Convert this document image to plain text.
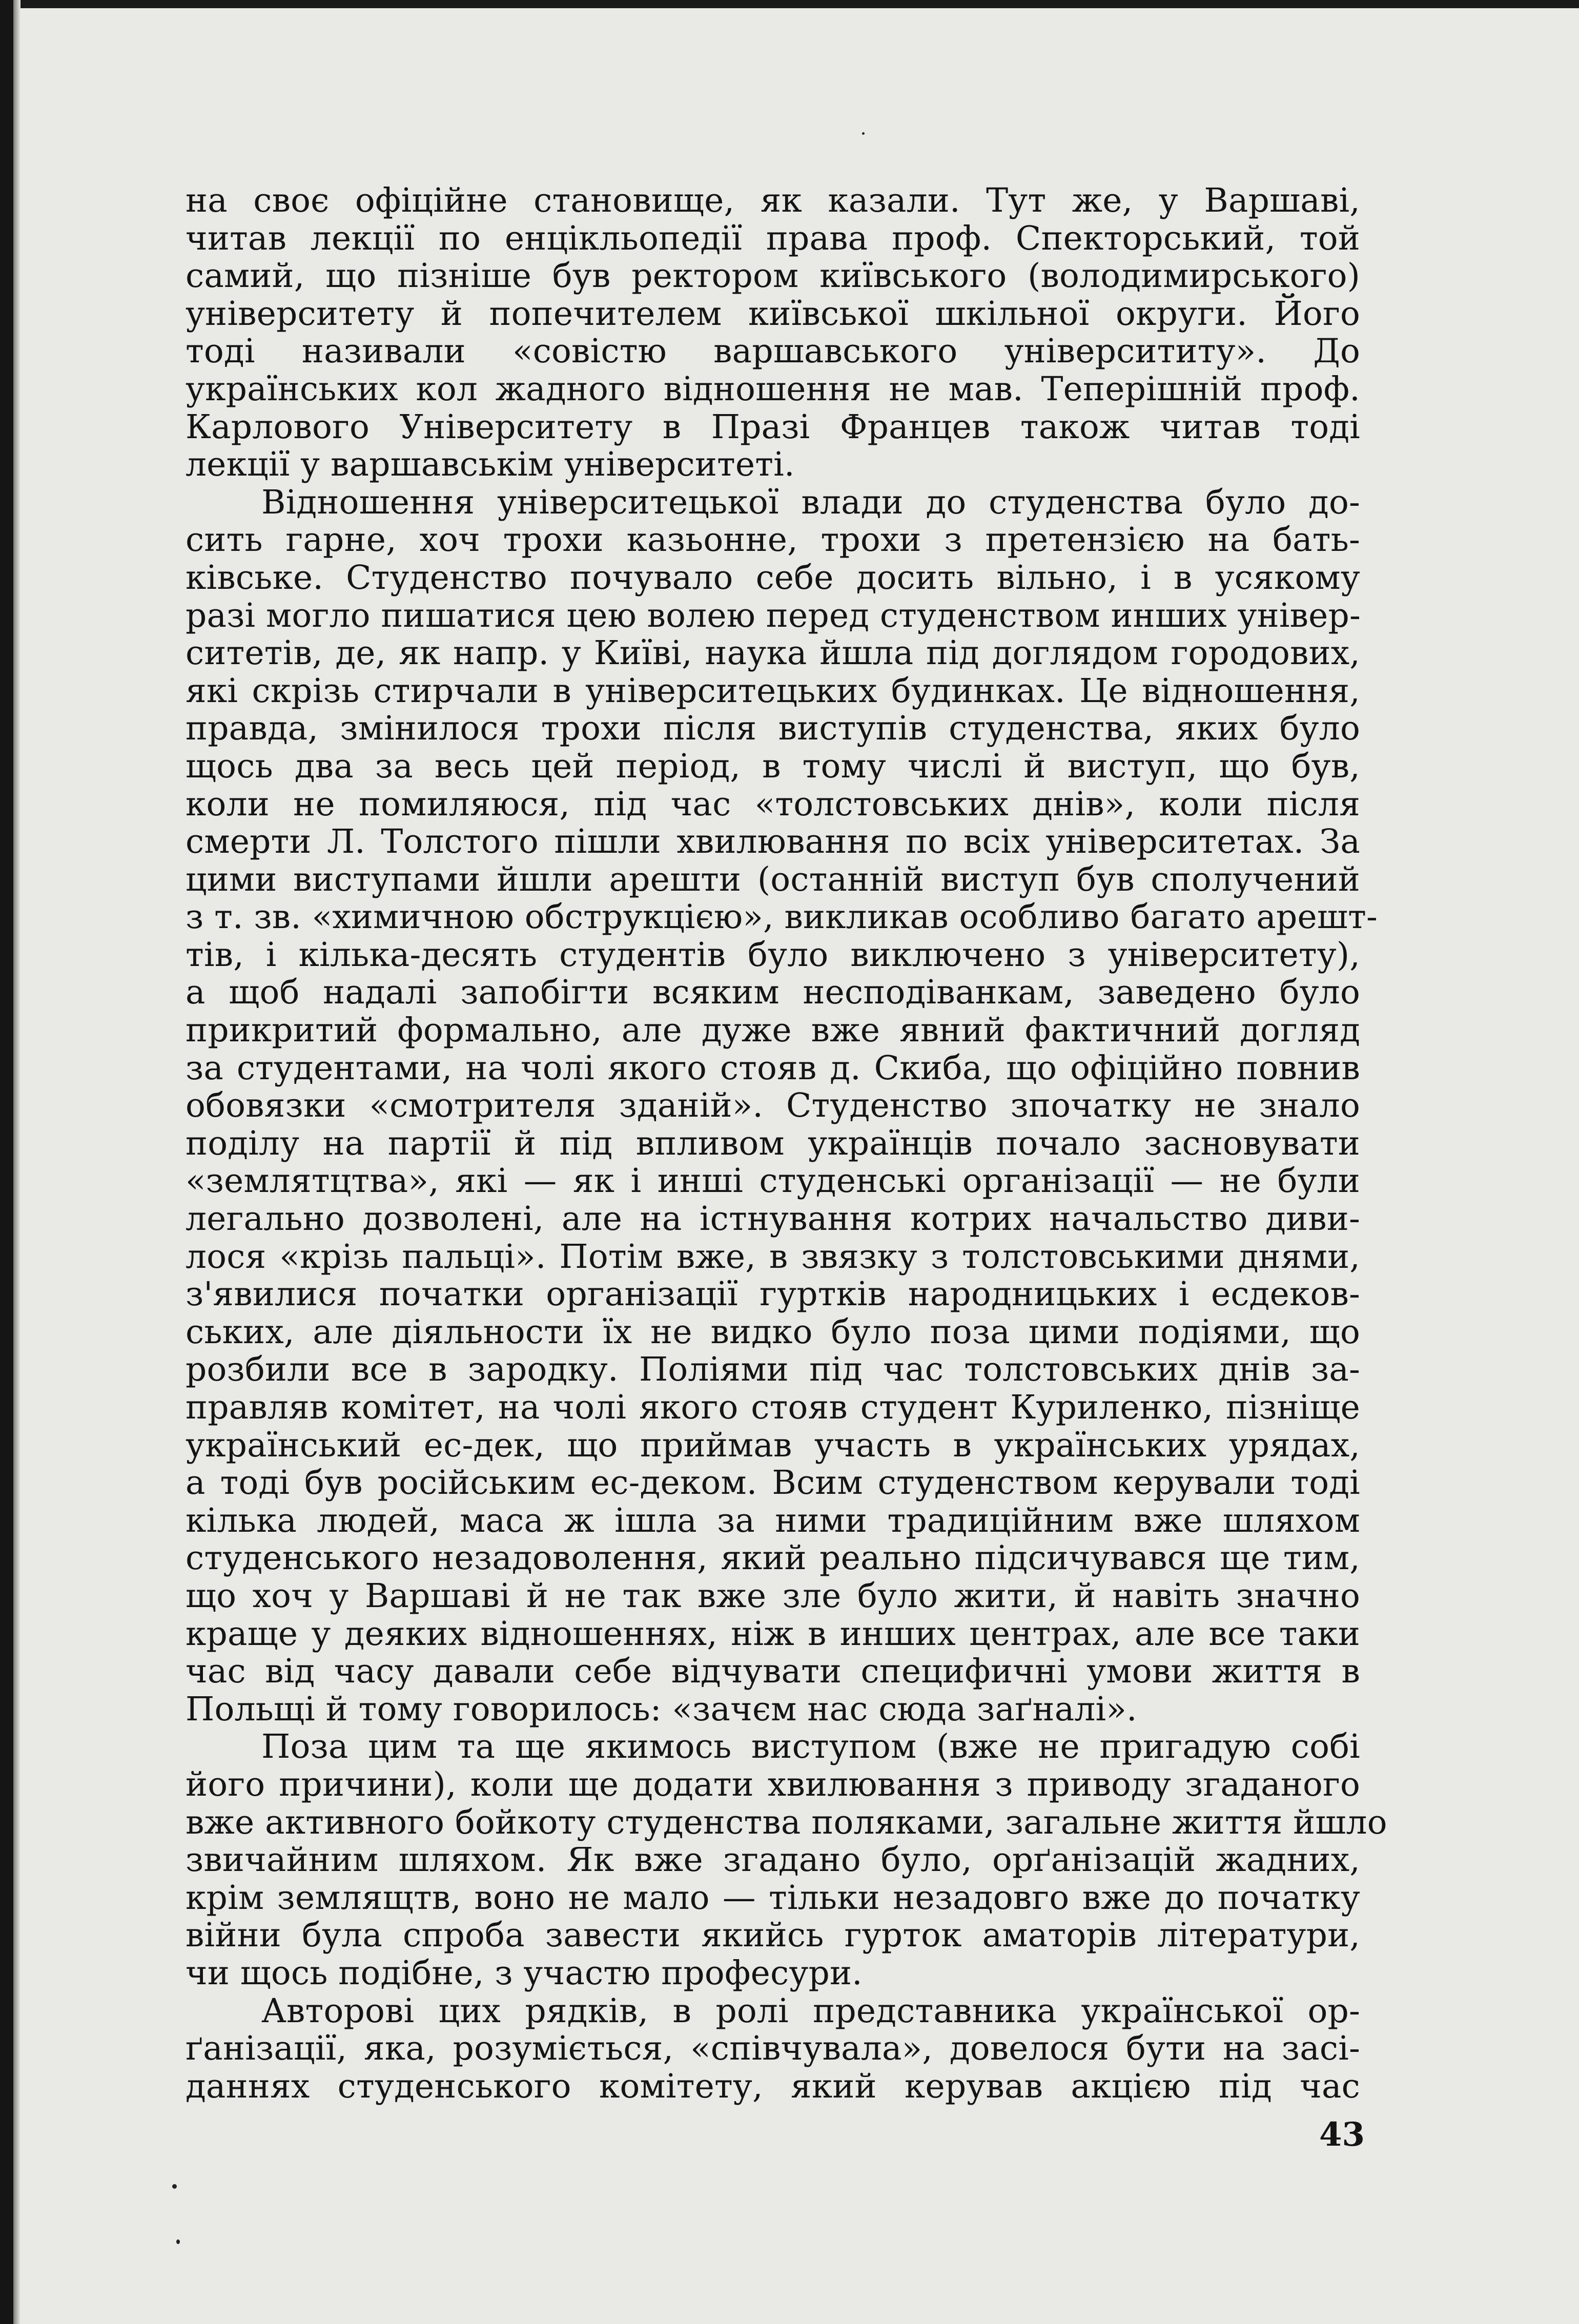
на своє офіційне становище, як казали. Тут же, у Варшаві,
читав лекції по енцікльопедії права проф. Спекторський, той
самий, що пізніше був ректором київського (володимирського)
університету й попечителем київської шкільної округи. Його
тоді називали «совістю варшавського університиту». До
українських кол жадного відношення не мав. Теперішній проф.
Карлового Університету в Празі Францев також читав тоді
лекції у варшавськім університеті.
Відношення університецької влади до студенства було до-
сить гарне, хоч трохи казьонне, трохи з претензією на бать-
ківське. Студенство почувало себе досить вільно, і в усякому
разі могло пишатися цею волею перед студенством инших універ-
ситетів, де, як напр. у Київі, наука йшла під доглядом городових,
які скрізь стирчали в університецьких будинках. Це відношення,
правда, змінилося трохи після виступів студенства, яких було
щось два за весь цей період, в тому числі й виступ, що був,
коли не помиляюся, під час «толстовських днів», коли після
смерти Л. Толстого пішли хвилювання по всіх університетах. За
цими виступами йшли арешти (останній виступ був сполучений
з т. зв. «химичною обструкцією», викликав особливо багато арешт-
тів, і кілька-десять студентів було виключено з університету),
а щоб надалі запобігти всяким несподіванкам, заведено було
прикритий формально, але дуже вже явний фактичний догляд
за студентами, на чолі якого стояв д. Скиба, що офіційно повнив
обовязки «смотрителя зданій». Студенство зпочатку не знало
поділу на партії й під впливом українців почало засновувати
«землятцтва», які — як і инші студенські організації — не були
легально дозволені, але на істнування котрих начальство диви-
лося «крізь пальці». Потім вже, в звязку з толстовськими днями,
з'явилися початки організації гуртків народницьких і есдеков-
ських, але діяльности їх не видко було поза цими подіями, що
розбили все в зародку. Поліями під час толстовських днів за-
правляв комітет, на чолі якого стояв студент Куриленко, пізніще
український ес-дек, що приймав участь в українських урядах,
а тоді був російським ес-деком. Всим студенством керували тоді
кілька людей, маса ж ішла за ними традиційним вже шляхом
студенського незадоволення, який реально підсичувався ще тим,
що хоч у Варшаві й не так вже зле було жити, й навіть значно
краще у деяких відношеннях, ніж в инших центрах, але все таки
час від часу давали себе відчувати специфичні умови життя в
Польщі й тому говорилось: «зачєм нас сюда заґналі».
Поза цим та ще якимось виступом (вже не пригадую собі
його причини), коли ще додати хвилювання з приводу згаданого
вже активного бойкоту студенства поляками, загальне життя йшло
звичайним шляхом. Як вже згадано було, орґанізацій жадних,
крім землящтв, воно не мало — тільки незадовго вже до початку
війни була спроба завести якийсь гурток аматорів літератури,
чи щось подібне, з участю професури.
Авторові цих рядків, в ролі представника української ор-
ґанізації, яка, розуміється, «співчувала», довелося бути на засі-
даннях студенського комітету, який керував акцією під час
43
